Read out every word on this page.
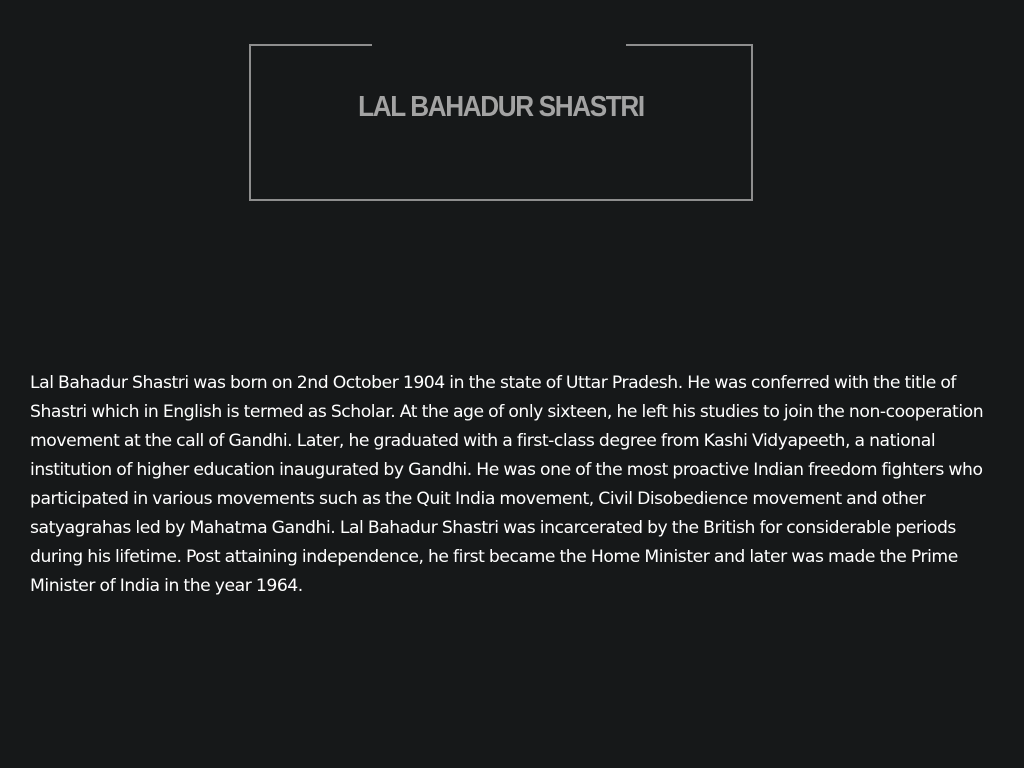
LAL BAHADUR SHASTRI

Lal Bahadur Shastri was born on 2nd October 1904 in the state of Uttar Pradesh. He was conferred with the title of Shastri which in English is termed as Scholar. At the age of only sixteen, he left his studies to join the non-cooperation movement at the call of Gandhi. Later, he graduated with a first-class degree from Kashi Vidyapeeth, a national institution of higher education inaugurated by Gandhi. He was one of the most proactive Indian freedom fighters who participated in various movements such as the Quit India movement, Civil Disobedience movement and other satyagrahas led by Mahatma Gandhi. Lal Bahadur Shastri was incarcerated by the British for considerable periods during his lifetime. Post attaining independence, he first became the Home Minister and later was made the Prime Minister of India in the year 1964.
